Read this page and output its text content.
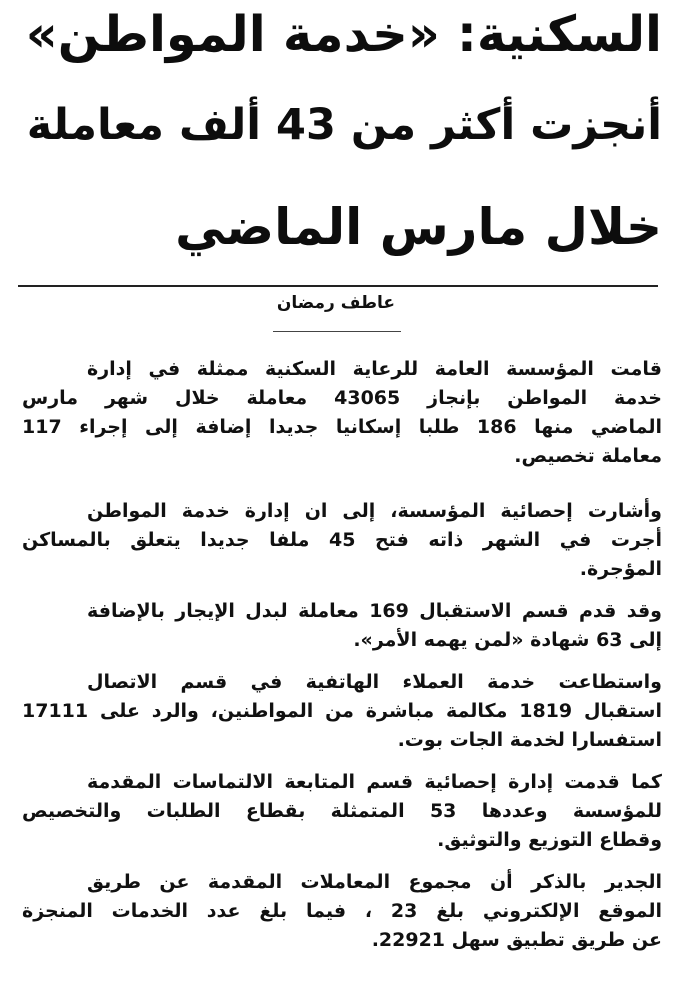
السكنية: «خدمة المواطن»
أنجزت أكثر من 43 ألف معاملة
خلال مارس الماضي
عاطف رمضان
قامت المؤسسة العامة للرعاية السكنية ممثلة في إدارة
خدمة المواطن بإنجاز 43065 معاملة خلال شهر مارس
الماضي منها 186 طلبا إسكانيا جديدا إضافة إلى إجراء 117
معاملة تخصيص.
وأشارت إحصائية المؤسسة، إلى ان إدارة خدمة المواطن
أجرت في الشهر ذاته فتح 45 ملفا جديدا يتعلق بالمساكن
المؤجرة.
وقد قدم قسم الاستقبال 169 معاملة لبدل الإيجار بالإضافة
إلى 63 شهادة «لمن يهمه الأمر».
واستطاعت خدمة العملاء الهاتفية في قسم الاتصال
استقبال 1819 مكالمة مباشرة من المواطنين، والرد على 17111
استفسارا لخدمة الجات بوت.
كما قدمت إدارة إحصائية قسم المتابعة الالتماسات المقدمة
للمؤسسة وعددها 53 المتمثلة بقطاع الطلبات والتخصيص
وقطاع التوزيع والتوثيق.
الجدير بالذكر أن مجموع المعاملات المقدمة عن طريق
الموقع الإلكتروني بلغ 23 ، فيما بلغ عدد الخدمات المنجزة
عن طريق تطبيق سهل 22921.
